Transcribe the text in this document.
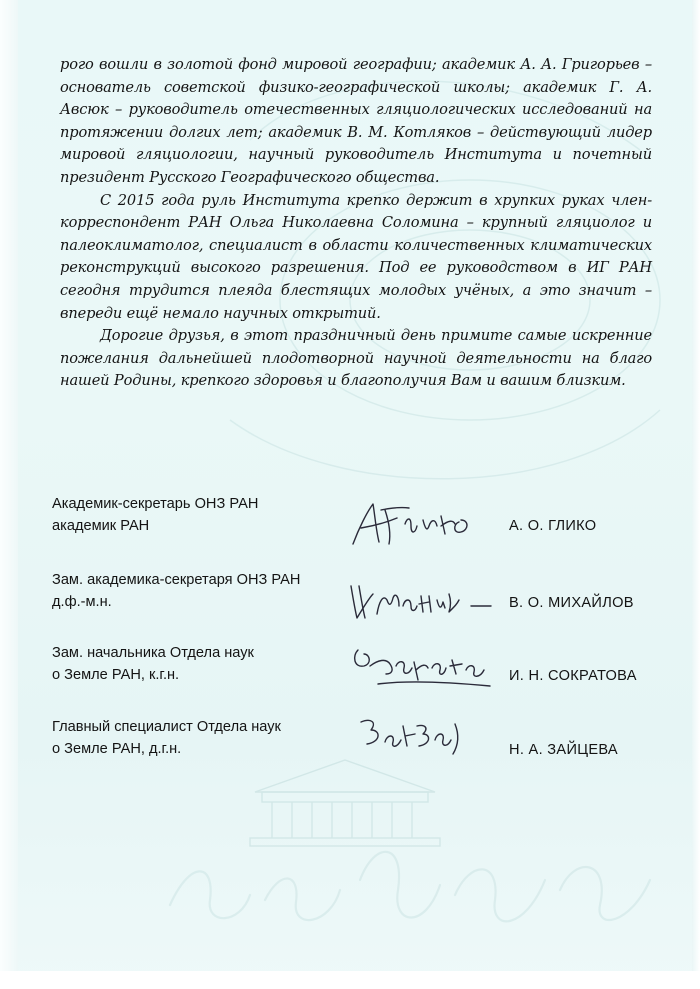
рого вошли в золотой фонд мировой географии; академик А. А. Григорьев – основатель советской физико-географической школы; академик Г. А. Авсюк – руководитель отечественных гляциологических исследований на протяжении долгих лет; академик В. М. Котляков – действующий лидер мировой гляциологии, научный руководитель Института и почетный президент Русского Географического общества.

С 2015 года руль Института крепко держит в хрупких руках член-корреспондент РАН Ольга Николаевна Соломина – крупный гляциолог и палеоклиматолог, специалист в области количественных климатических реконструкций высокого разрешения. Под ее руководством в ИГ РАН сегодня трудится плеяда блестящих молодых учёных, а это значит – впереди ещё немало научных открытий.

Дорогие друзья, в этот праздничный день примите самые искренние пожелания дальнейшей плодотворной научной деятельности на благо нашей Родины, крепкого здоровья и благополучия Вам и вашим близким.

Академик-секретарь ОНЗ РАН
академик РАН	А. О. ГЛИКО
Зам. академика-секретаря ОНЗ РАН
д.ф.-м.н.	В. О. МИХАЙЛОВ
Зам. начальника Отдела наук
о Земле РАН, к.г.н.	И. Н. СОКРАТОВА
Главный специалист Отдела наук
о Земле РАН, д.г.н.	Н. А. ЗАЙЦЕВА
